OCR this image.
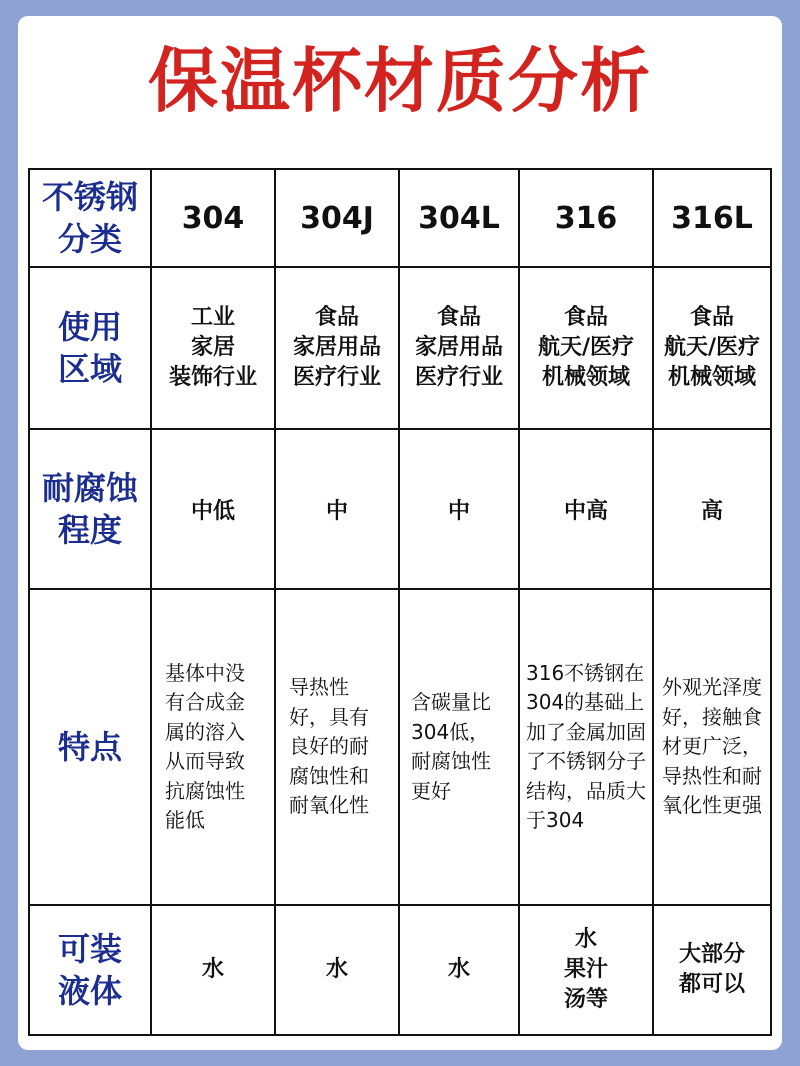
保温杯材质分析
不锈钢
分类	304	304J	304L	316	316L

使用
区域	工业
家居
装饰行业	食品
家居用品
医疗行业	食品
家居用品
医疗行业	食品
航天/医疗
机械领域	食品
航天/医疗
机械领域

耐腐蚀
程度	中低	中	中	中高	高

特点	基体中没有合成金属的溶入从而导致抗腐蚀性能低	导热性好，具有良好的耐腐蚀性和耐氧化性	含碳量比304低，耐腐蚀性更好	316不锈钢在304的基础上加了金属加固了不锈钢分子结构，品质大于304	外观光泽度好，接触食材更广泛，导热性和耐氧化性更强

可装
液体	水	水	水	水
果汁
汤等	大部分
都可以
